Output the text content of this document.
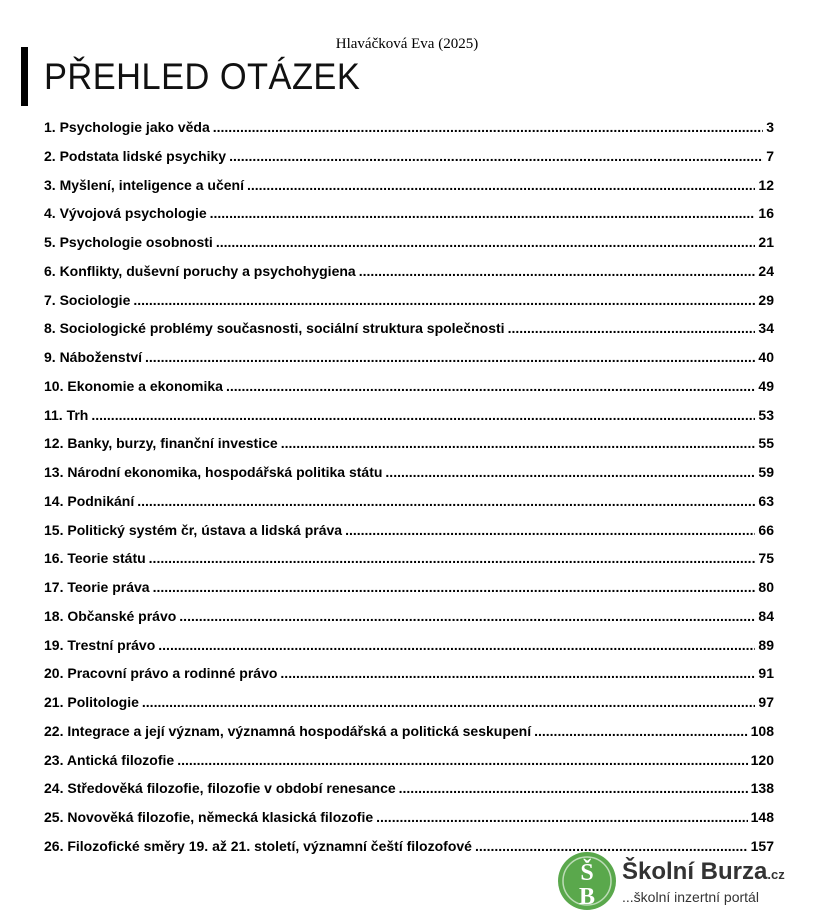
Hlaváčková Eva (2025)
PŘEHLED OTÁZEK
1. Psychologie jako věda .....	3
2. Podstata lidské psychiky .....	7
3. Myšlení, inteligence a učení .....	12
4. Vývojová psychologie .....	16
5. Psychologie osobnosti .....	21
6. Konflikty, duševní poruchy a psychohygiena .....	24
7. Sociologie .....	29
8. Sociologické problémy současnosti, sociální struktura společnosti .....	34
9. Náboženství .....	40
10. Ekonomie a ekonomika .....	49
11. Trh .....	53
12. Banky, burzy, finanční investice .....	55
13. Národní ekonomika, hospodářská politika státu .....	59
14. Podnikání .....	63
15. Politický systém čr, ústava a lidská práva .....	66
16. Teorie státu .....	75
17. Teorie práva .....	80
18. Občanské právo .....	84
19. Trestní právo .....	89
20. Pracovní právo a rodinné právo .....	91
21. Politologie .....	97
22. Integrace a její význam, významná hospodářská a politická seskupení .....	108
23. Antická filozofie .....	120
24. Středověká filozofie, filozofie v období renesance .....	138
25. Novověká filozofie, německá klasická filozofie .....	148
26. Filozofické směry 19. až 21. století, významní čeští filozofové .....	157
Š
B
Školní Burza.cz
...školní inzertní portál
